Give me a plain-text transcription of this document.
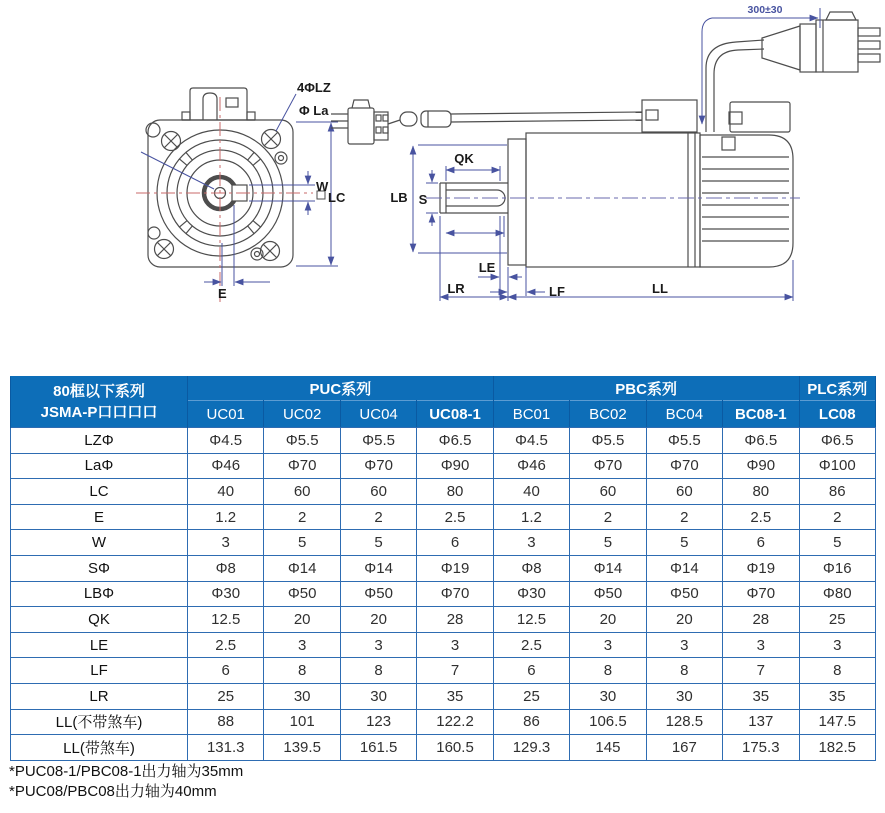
4ΦLZ
Φ La
W
LC
E
QK
LB S
LE
LR	LF	LL
300±30
80框以下系列
JSMA-P口口口口	PUC系列				PBC系列				PLC系列
	UC01	UC02	UC04	UC08-1	BC01	BC02	BC04	BC08-1	LC08
LZΦ	Φ4.5	Φ5.5	Φ5.5	Φ6.5	Φ4.5	Φ5.5	Φ5.5	Φ6.5	Φ6.5
LaΦ	Φ46	Φ70	Φ70	Φ90	Φ46	Φ70	Φ70	Φ90	Φ100
LC	40	60	60	80	40	60	60	80	86
E	1.2	2	2	2.5	1.2	2	2	2.5	2
W	3	5	5	6	3	5	5	6	5
SΦ	Φ8	Φ14	Φ14	Φ19	Φ8	Φ14	Φ14	Φ19	Φ16
LBΦ	Φ30	Φ50	Φ50	Φ70	Φ30	Φ50	Φ50	Φ70	Φ80
QK	12.5	20	20	28	12.5	20	20	28	25
LE	2.5	3	3	3	2.5	3	3	3	3
LF	6	8	8	7	6	8	8	7	8
LR	25	30	30	35	25	30	30	35	35
LL(不带煞车)	88	101	123	122.2	86	106.5	128.5	137	147.5
LL(带煞车)	131.3	139.5	161.5	160.5	129.3	145	167	175.3	182.5
*PUC08-1/PBC08-1出力轴为35mm
*PUC08/PBC08出力轴为40mm
